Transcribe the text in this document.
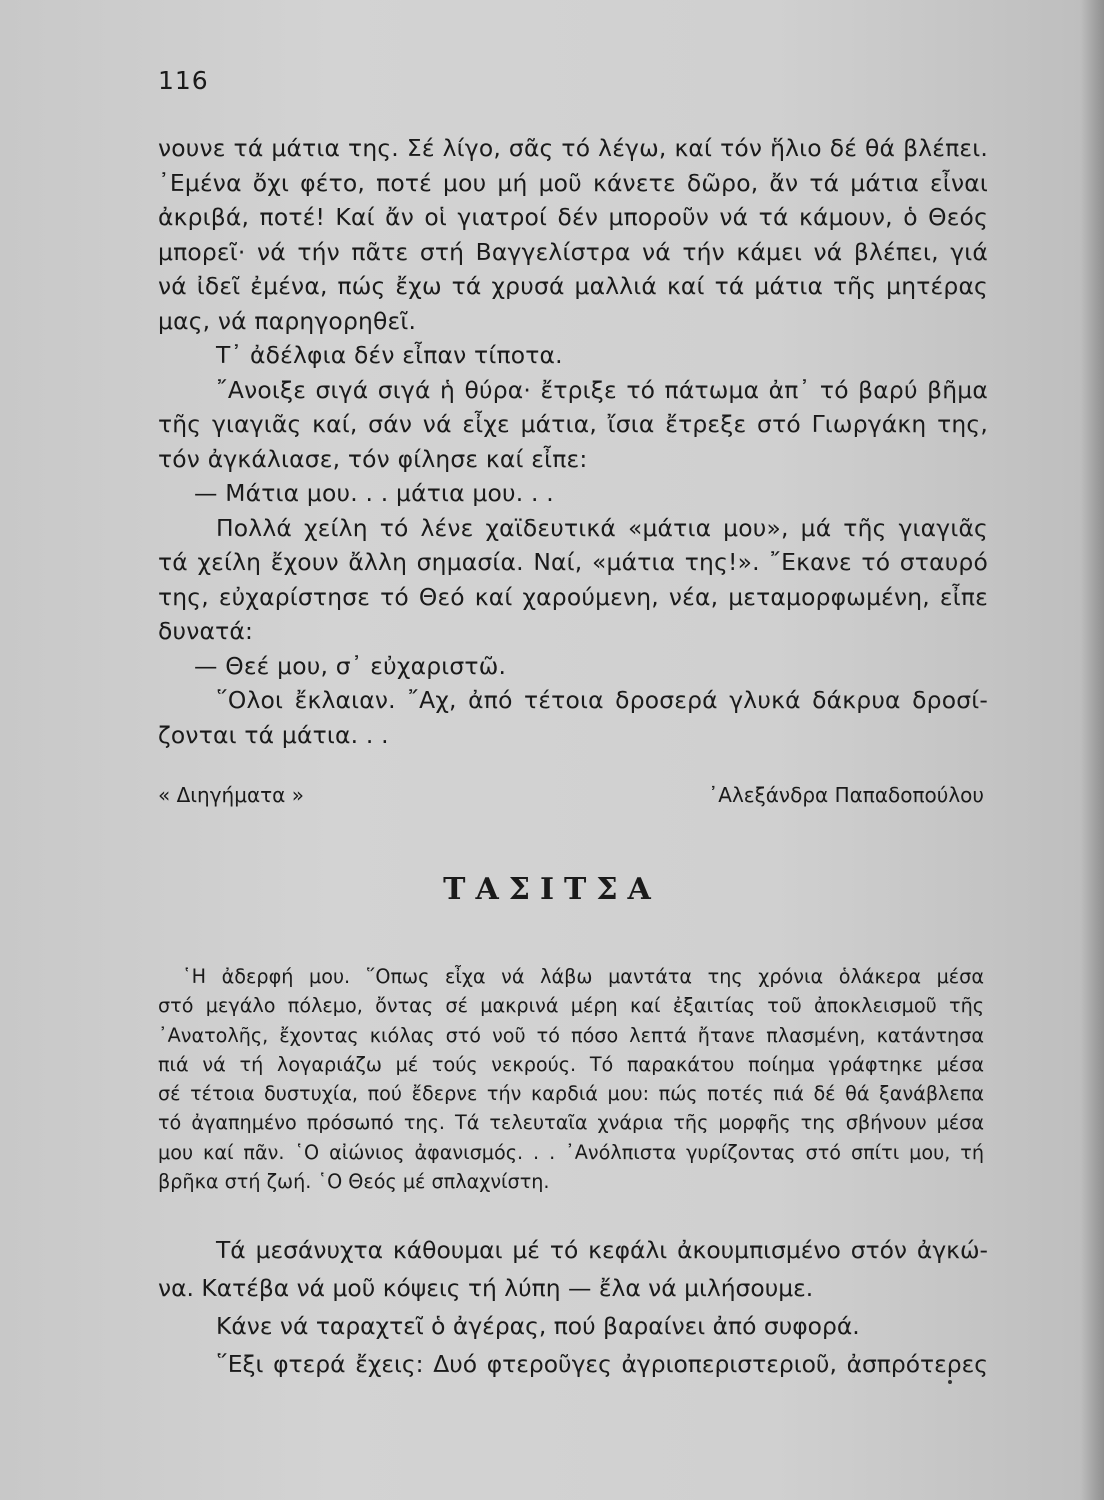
116
νουνε τά μάτια της. Σέ λίγο, σᾶς τό λέγω, καί τόν ἥλιο δέ θά βλέπει.
᾿Εμένα ὄχι φέτο, ποτέ μου μή μοῦ κάνετε δῶρο, ἄν τά μάτια εἶναι
ἀκριβά, ποτέ! Καί ἄν οἱ γιατροί δέν μποροῦν νά τά κάμουν, ὁ Θεός
μπορεῖ· νά τήν πᾶτε στή Βαγγελίστρα νά τήν κάμει νά βλέπει, γιά
νά ἰδεῖ ἐμένα, πώς ἔχω τά χρυσά μαλλιά καί τά μάτια τῆς μητέρας
μας, νά παρηγορηθεῖ.
Τ᾿ ἀδέλφια δέν εἶπαν τίποτα.
῎Ανοιξε σιγά σιγά ἡ θύρα· ἔτριξε τό πάτωμα ἀπ᾿ τό βαρύ βῆμα
τῆς γιαγιᾶς καί, σάν νά εἶχε μάτια, ἴσια ἔτρεξε στό Γιωργάκη της,
τόν ἀγκάλιασε, τόν φίλησε καί εἶπε:
— Μάτια μου. . . μάτια μου. . .
Πολλά χείλη τό λένε χαϊδευτικά «μάτια μου», μά τῆς γιαγιᾶς
τά χείλη ἔχουν ἄλλη σημασία. Ναί, «μάτια της!». ῎Εκανε τό σταυρό
της, εὐχαρίστησε τό Θεό καί χαρούμενη, νέα, μεταμορφωμένη, εἶπε
δυνατά:
— Θεέ μου, σ᾿ εὐχαριστῶ.
῞Ολοι ἔκλαιαν. ῎Αχ, ἀπό τέτοια δροσερά γλυκά δάκρυα δροσί-
ζονται τά μάτια. . .
« Διηγήματα »	᾿Αλεξάνδρα Παπαδοπούλου
ΤΑΣΙΤΣΑ
῾Η ἀδερφή μου. ῞Οπως εἶχα νά λάβω μαντάτα της χρόνια ὁλάκερα μέσα
στό μεγάλο πόλεμο, ὄντας σέ μακρινά μέρη καί ἐξαιτίας τοῦ ἀποκλεισμοῦ τῆς
᾿Ανατολῆς, ἔχοντας κιόλας στό νοῦ τό πόσο λεπτά ἤτανε πλασμένη, κατάντησα
πιά νά τή λογαριάζω μέ τούς νεκρούς. Τό παρακάτου ποίημα γράφτηκε μέσα
σέ τέτοια δυστυχία, πού ἔδερνε τήν καρδιά μου: πώς ποτές πιά δέ θά ξανάβλεπα
τό ἀγαπημένο πρόσωπό της. Τά τελευταῖα χνάρια τῆς μορφῆς της σβήνουν μέσα
μου καί πᾶν. ῾Ο αἰώνιος ἀφανισμός. . . ᾿Ανόλπιστα γυρίζοντας στό σπίτι μου, τή
βρῆκα στή ζωή. ῾Ο Θεός μέ σπλαχνίστη.
Τά μεσάνυχτα κάθουμαι μέ τό κεφάλι ἀκουμπισμένο στόν ἀγκώ-
να. Κατέβα νά μοῦ κόψεις τή λύπη — ἔλα νά μιλήσουμε.
Κάνε νά ταραχτεῖ ὁ ἀγέρας, πού βαραίνει ἀπό συφορά.
῞Εξι φτερά ἔχεις: Δυό φτεροῦγες ἀγριοπεριστεριοῦ, ἀσπρότερες
